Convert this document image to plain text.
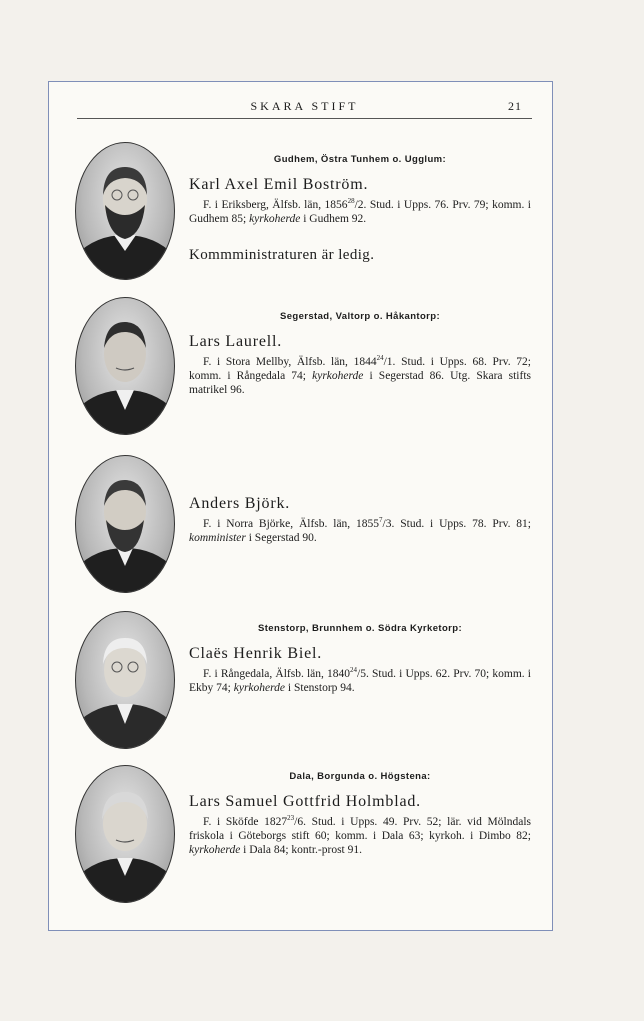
SKARA STIFT	21
Gudhem, Östra Tunhem o. Ugglum:
Karl Axel Emil Boström.
F. i Eriksberg, Älfsb. län, 1856$^{28}$/2. Stud. i Upps. 76. Prv. 79; komm. i Gudhem 85; kyrkoherde i Gudhem 92.
Kommministraturen är ledig.
Segerstad, Valtorp o. Håkantorp:
Lars Laurell.
F. i Stora Mellby, Älfsb. län, 1844$^{24}$/1. Stud. i Upps. 68. Prv. 72; komm. i Rångedala 74; kyrkoherde i Segerstad 86. Utg. Skara stifts matrikel 96.
Anders Björk.
F. i Norra Björke, Älfsb. län, 1855$^7$/3. Stud. i Upps. 78. Prv. 81; komminister i Segerstad 90.
Stenstorp, Brunnhem o. Södra Kyrketorp:
Claës Henrik Biel.
F. i Rångedala, Älfsb. län, 1840$^{24}$/5. Stud. i Upps. 62. Prv. 70; komm. i Ekby 74; kyrkoherde i Stenstorp 94.
Dala, Borgunda o. Högstena:
Lars Samuel Gottfrid Holmblad.
F. i Sköfde 1827$^{23}$/6. Stud. i Upps. 49. Prv. 52; lär. vid Mölndals friskola i Göteborgs stift 60; komm. i Dala 63; kyrkoh. i Dimbo 82; kyrkoherde i Dala 84; kontr.-prost 91.
